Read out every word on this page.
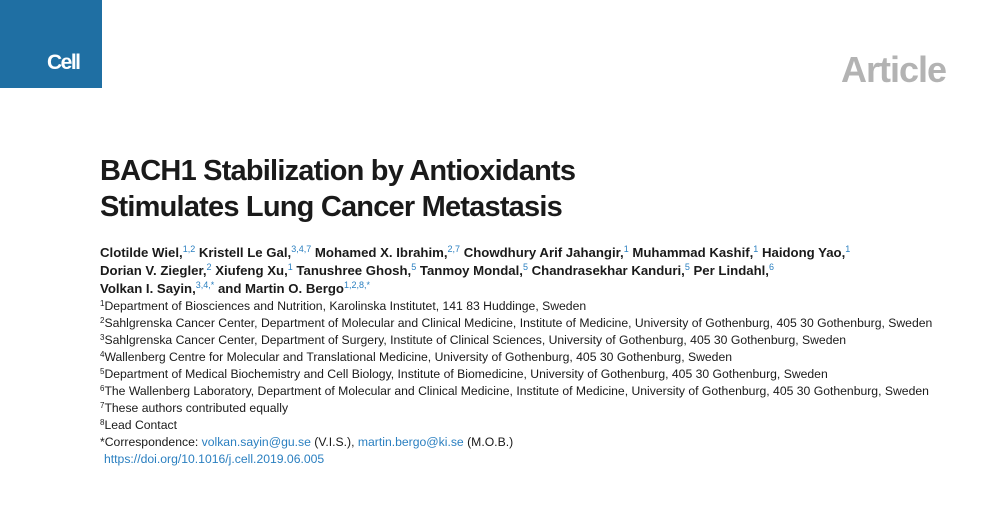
Cell	Article
BACH1 Stabilization by Antioxidants
Stimulates Lung Cancer Metastasis
Clotilde Wiel,$^{1,2}$ Kristell Le Gal,$^{3,4,7}$ Mohamed X. Ibrahim,$^{2,7}$ Chowdhury Arif Jahangir,$^1$ Muhammad Kashif,$^1$ Haidong Yao,$^1$
Dorian V. Ziegler,$^2$ Xiufeng Xu,$^1$ Tanushree Ghosh,$^5$ Tanmoy Mondal,$^5$ Chandrasekhar Kanduri,$^5$ Per Lindahl,$^6$
Volkan I. Sayin,$^{3,4,*}$ and Martin O. Bergo$^{1,2,8,*}$
$^1$Department of Biosciences and Nutrition, Karolinska Institutet, 141 83 Huddinge, Sweden
$^2$Sahlgrenska Cancer Center, Department of Molecular and Clinical Medicine, Institute of Medicine, University of Gothenburg, 405 30 Gothenburg, Sweden
$^3$Sahlgrenska Cancer Center, Department of Surgery, Institute of Clinical Sciences, University of Gothenburg, 405 30 Gothenburg, Sweden
$^4$Wallenberg Centre for Molecular and Translational Medicine, University of Gothenburg, 405 30 Gothenburg, Sweden
$^5$Department of Medical Biochemistry and Cell Biology, Institute of Biomedicine, University of Gothenburg, 405 30 Gothenburg, Sweden
$^6$The Wallenberg Laboratory, Department of Molecular and Clinical Medicine, Institute of Medicine, University of Gothenburg, 405 30 Gothenburg, Sweden
$^7$These authors contributed equally
$^8$Lead Contact
*Correspondence: volkan.sayin@gu.se (V.I.S.), martin.bergo@ki.se (M.O.B.)
https://doi.org/10.1016/j.cell.2019.06.005
